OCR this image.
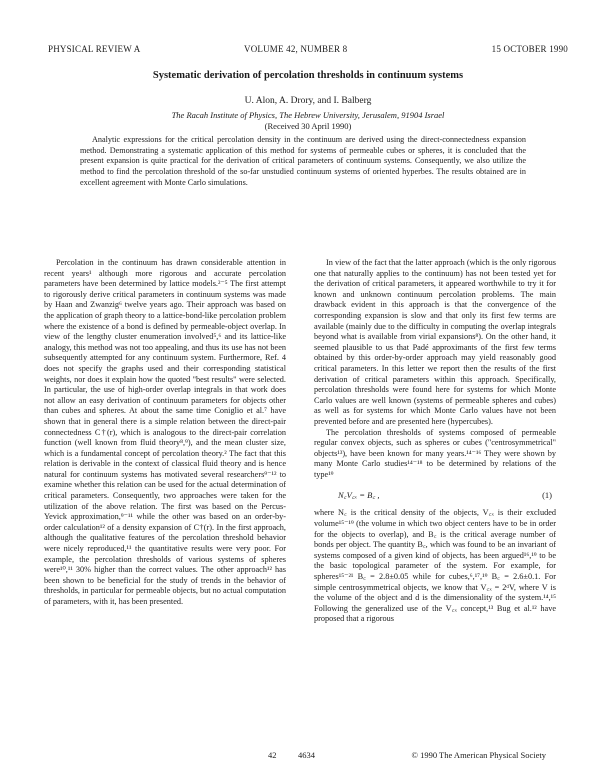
PHYSICAL REVIEW A	VOLUME 42, NUMBER 8	15 OCTOBER 1990
Systematic derivation of percolation thresholds in continuum systems

U. Alon, A. Drory, and I. Balberg

The Racah Institute of Physics, The Hebrew University, Jerusalem, 91904 Israel

(Received 30 April 1990)

Analytic expressions for the critical percolation density in the continuum are derived using the direct-connectedness expansion method. Demonstrating a systematic application of this method for systems of permeable cubes or spheres, it is concluded that the present expansion is quite practical for the derivation of critical parameters of continuum systems. Consequently, we also utilize the method to find the percolation threshold of the so-far unstudied continuum systems of oriented hyperbes. The results obtained are in excellent agreement with Monte Carlo simulations.

Percolation in the continuum has drawn considerable attention in recent years¹ although more rigorous and accurate percolation parameters have been determined by lattice models.²⁻⁵ The first attempt to rigorously derive critical parameters in continuum systems was made by Haan and Zwanzig⁶ twelve years ago. Their approach was based on the application of graph theory to a lattice-bond-like percolation problem where the existence of a bond is defined by permeable-object overlap. In view of the lengthy cluster enumeration involved⁵,⁶ and its lattice-like analogy, this method was not too appealing, and thus its use has not been subsequently attempted for any continuum system. Furthermore, Ref. 4 does not specify the graphs used and their corresponding statistical weights, nor does it explain how the quoted "best results" were selected. In particular, the use of high-order overlap integrals in that work does not allow an easy derivation of continuum parameters for objects other than cubes and spheres. At about the same time Coniglio et al.⁷ have shown that in general there is a simple relation between the direct-pair connectedness C†(r), which is analogous to the direct-pair correlation function (well known from fluid theory⁸,⁹), and the mean cluster size, which is a fundamental concept of percolation theory.² The fact that this relation is derivable in the context of classical fluid theory and is hence natural for continuum systems has motivated several researchers⁹⁻¹² to examine whether this relation can be used for the actual determination of critical parameters. Consequently, two approaches were taken for the utilization of the above relation. The first was based on the Percus-Yevick approximation,⁹⁻¹¹ while the other was based on an order-by-order calculation¹² of a density expansion of C†(r). In the first approach, although the qualitative features of the percolation threshold behavior were nicely reproduced,¹¹ the quantitative results were very poor. For example, the percolation thresholds of various systems of spheres were¹⁰,¹¹ 30% higher than the correct values. The other approach¹² has been shown to be beneficial for the study of trends in the behavior of thresholds, in particular for permeable objects, but no actual computation of parameters, with it, has been presented.

In view of the fact that the latter approach (which is the only rigorous one that naturally applies to the continuum) has not been tested yet for the derivation of critical parameters, it appeared worthwhile to try it for known and unknown continuum percolation problems. The main drawback evident in this approach is that the convergence of the corresponding expansion is slow and that only its first few terms are available (mainly due to the difficulty in computing the overlap integrals beyond what is available from virial expansions⁸). On the other hand, it seemed plausible to us that Padé approximants of the first few terms obtained by this order-by-order approach may yield reasonably good critical parameters. In this letter we report then the results of the first derivation of critical parameters within this approach. Specifically, percolation thresholds were found here for systems for which Monte Carlo values are well known (systems of permeable spheres and cubes) as well as for systems for which Monte Carlo values have not been prevented before and are presented here (hypercubes).

The percolation thresholds of systems composed of permeable regular convex objects, such as spheres or cubes ("centrosymmetrical" objects¹³), have been known for many years.¹⁴⁻¹⁶ They were shown by many Monte Carlo studies¹⁴⁻¹⁸ to be determined by relations of the type¹⁹

N꜀V꜀ₓ = B꜀ ,	(1)

where N꜀ is the critical density of the objects, V꜀ₓ is their excluded volume¹⁵⁻¹⁹ (the volume in which two object centers have to be in order for the objects to overlap), and B꜀ is the critical average number of bonds per object. The quantity B꜀, which was found to be an invariant of systems composed of a given kind of objects, has been argued¹⁶,¹⁹ to be the basic topological parameter of the system. For example, for spheres¹⁵⁻²¹ B꜀ = 2.8±0.05 while for cubes,⁶,¹⁷,¹⁹ B꜀ = 2.6±0.1. For simple centrosymmetrical objects, we know that V꜀ₓ = 2ᵈV, where V is the volume of the object and d is the dimensionality of the system.¹⁴,¹⁵ Following the generalized use of the V꜀ₓ concept,¹³ Bug et al.¹² have proposed that a rigorous

42	4634	© 1990 The American Physical Society
